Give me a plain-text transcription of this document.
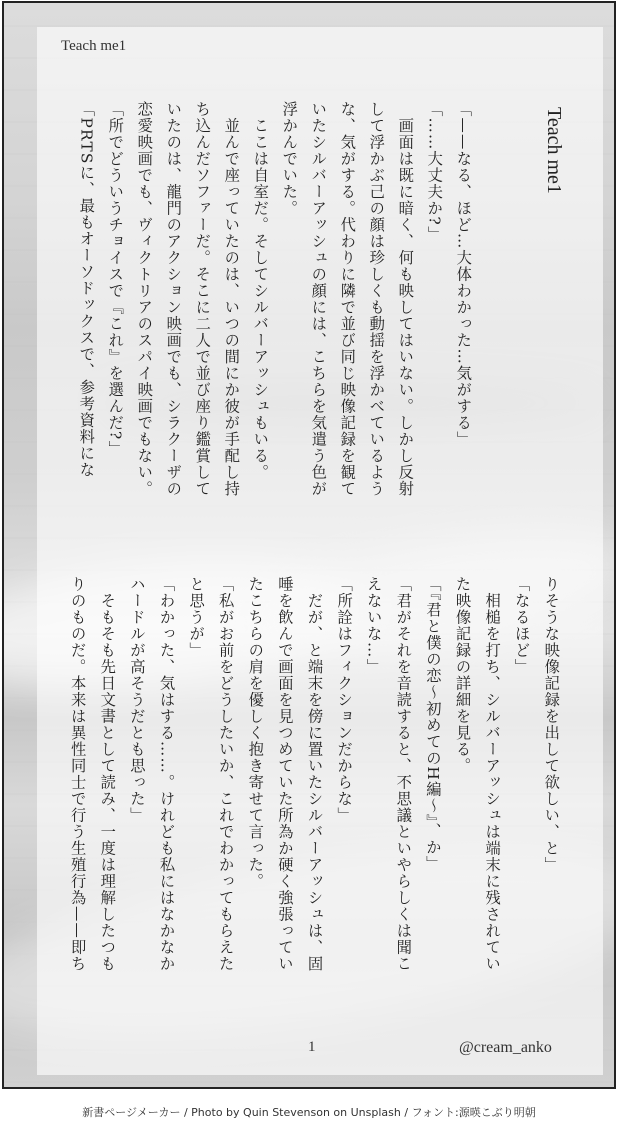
Teach me1
Teach me1
「——なる、ほど…大体わかった…気がする」
「……大丈夫か?」
　画面は既に暗く、何も映してはいない。しかし反射
して浮かぶ己の顔は珍しくも動揺を浮かべているよう
な、気がする。代わりに隣で並び同じ映像記録を観て
いたシルバーアッシュの顔には、こちらを気遣う色が
浮かんでいた。
　ここは自室だ。そしてシルバーアッシュもいる。
　並んで座っていたのは、いつの間にか彼が手配し持
ち込んだソファーだ。そこに二人で並び座り鑑賞して
いたのは、龍門のアクション映画でも、シラクーザの
恋愛映画でも、ヴィクトリアのスパイ映画でもない。
「所でどういうチョイスで『これ』を選んだ?」
「PRTSに、最もオーソドックスで、参考資料にな
りそうな映像記録を出して欲しい、と」
「なるほど」
　相槌を打ち、シルバーアッシュは端末に残されてい
た映像記録の詳細を見る。
「『君と僕の恋〜初めてのH編〜』、か」
「君がそれを音読すると、不思議といやらしくは聞こ
えないな…」
「所詮はフィクションだからな」
　だが、と端末を傍に置いたシルバーアッシュは、固
唾を飲んで画面を見つめていた所為か硬く強張ってい
たこちらの肩を優しく抱き寄せて言った。
「私がお前をどうしたいか、これでわかってもらえた
と思うが」
「わかった、気はする……。けれども私にはなかなか
ハードルが高そうだとも思った」
　そもそも先日文書として読み、一度は理解したつも
りのものだ。本来は異性同士で行う生殖行為——即ち
1	@cream_anko
新書ページメーカー / Photo by Quin Stevenson on Unsplash / フォント:源暎こぶり明朝
